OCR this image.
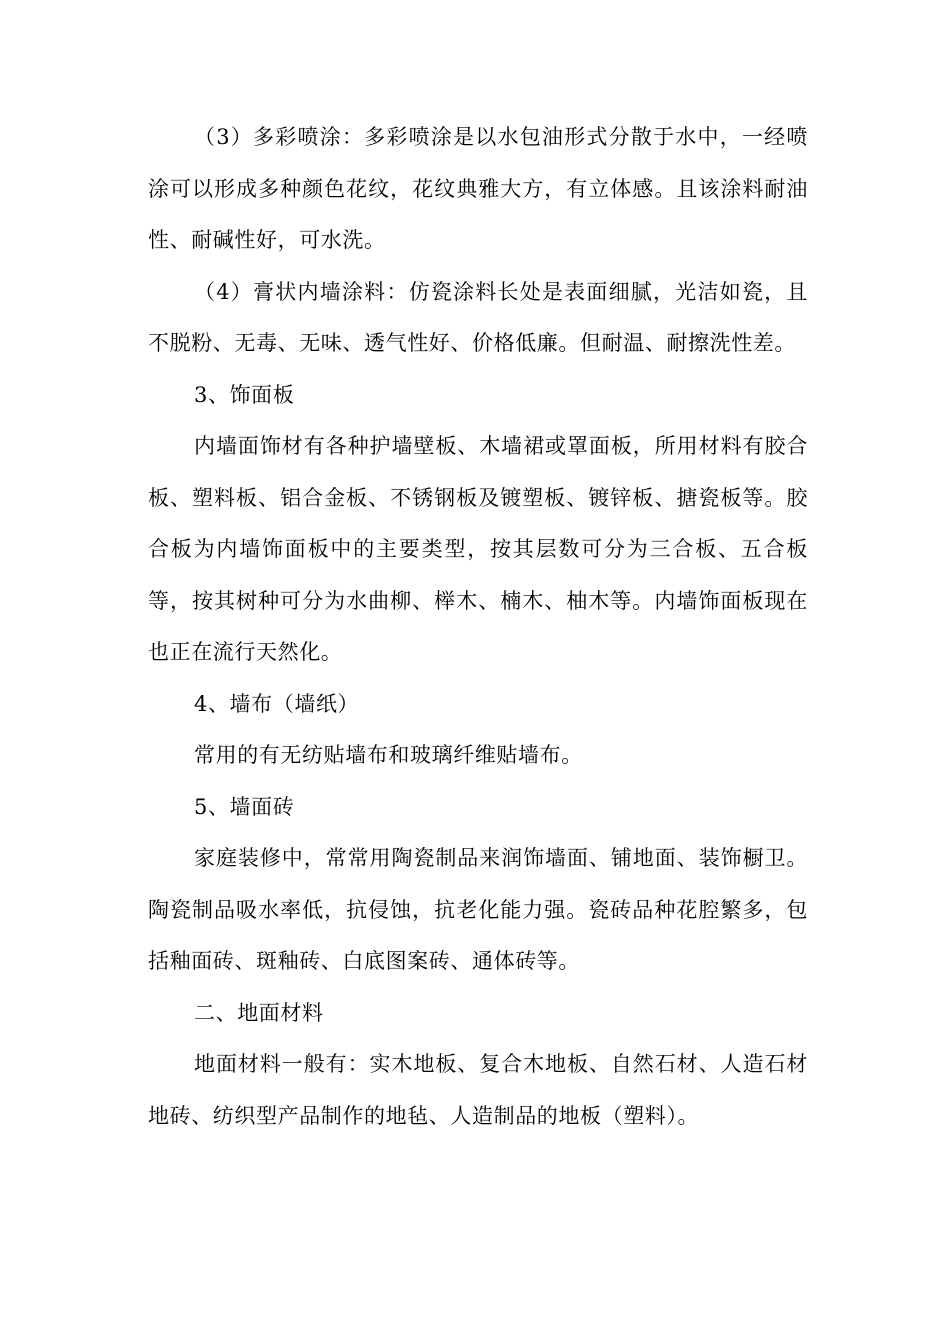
（3）多彩喷涂：多彩喷涂是以水包油形式分散于水中，一经喷涂可以形成多种颜色花纹，花纹典雅大方，有立体感。且该涂料耐油性、耐碱性好，可水洗。

（4）膏状内墙涂料：仿瓷涂料长处是表面细腻，光洁如瓷，且不脱粉、无毒、无味、透气性好、价格低廉。但耐温、耐擦洗性差。

3、饰面板

内墙面饰材有各种护墙壁板、木墙裙或罩面板，所用材料有胶合板、塑料板、铝合金板、不锈钢板及镀塑板、镀锌板、搪瓷板等。胶合板为内墙饰面板中的主要类型，按其层数可分为三合板、五合板等，按其树种可分为水曲柳、榉木、楠木、柚木等。内墙饰面板现在也正在流行天然化。

4、墙布（墙纸）

常用的有无纺贴墙布和玻璃纤维贴墙布。

5、墙面砖

家庭装修中，常常用陶瓷制品来润饰墙面、铺地面、装饰橱卫。陶瓷制品吸水率低，抗侵蚀，抗老化能力强。瓷砖品种花腔繁多，包括釉面砖、斑釉砖、白底图案砖、通体砖等。

二、地面材料

地面材料一般有：实木地板、复合木地板、自然石材、人造石材地砖、纺织型产品制作的地毡、人造制品的地板（塑料）。
